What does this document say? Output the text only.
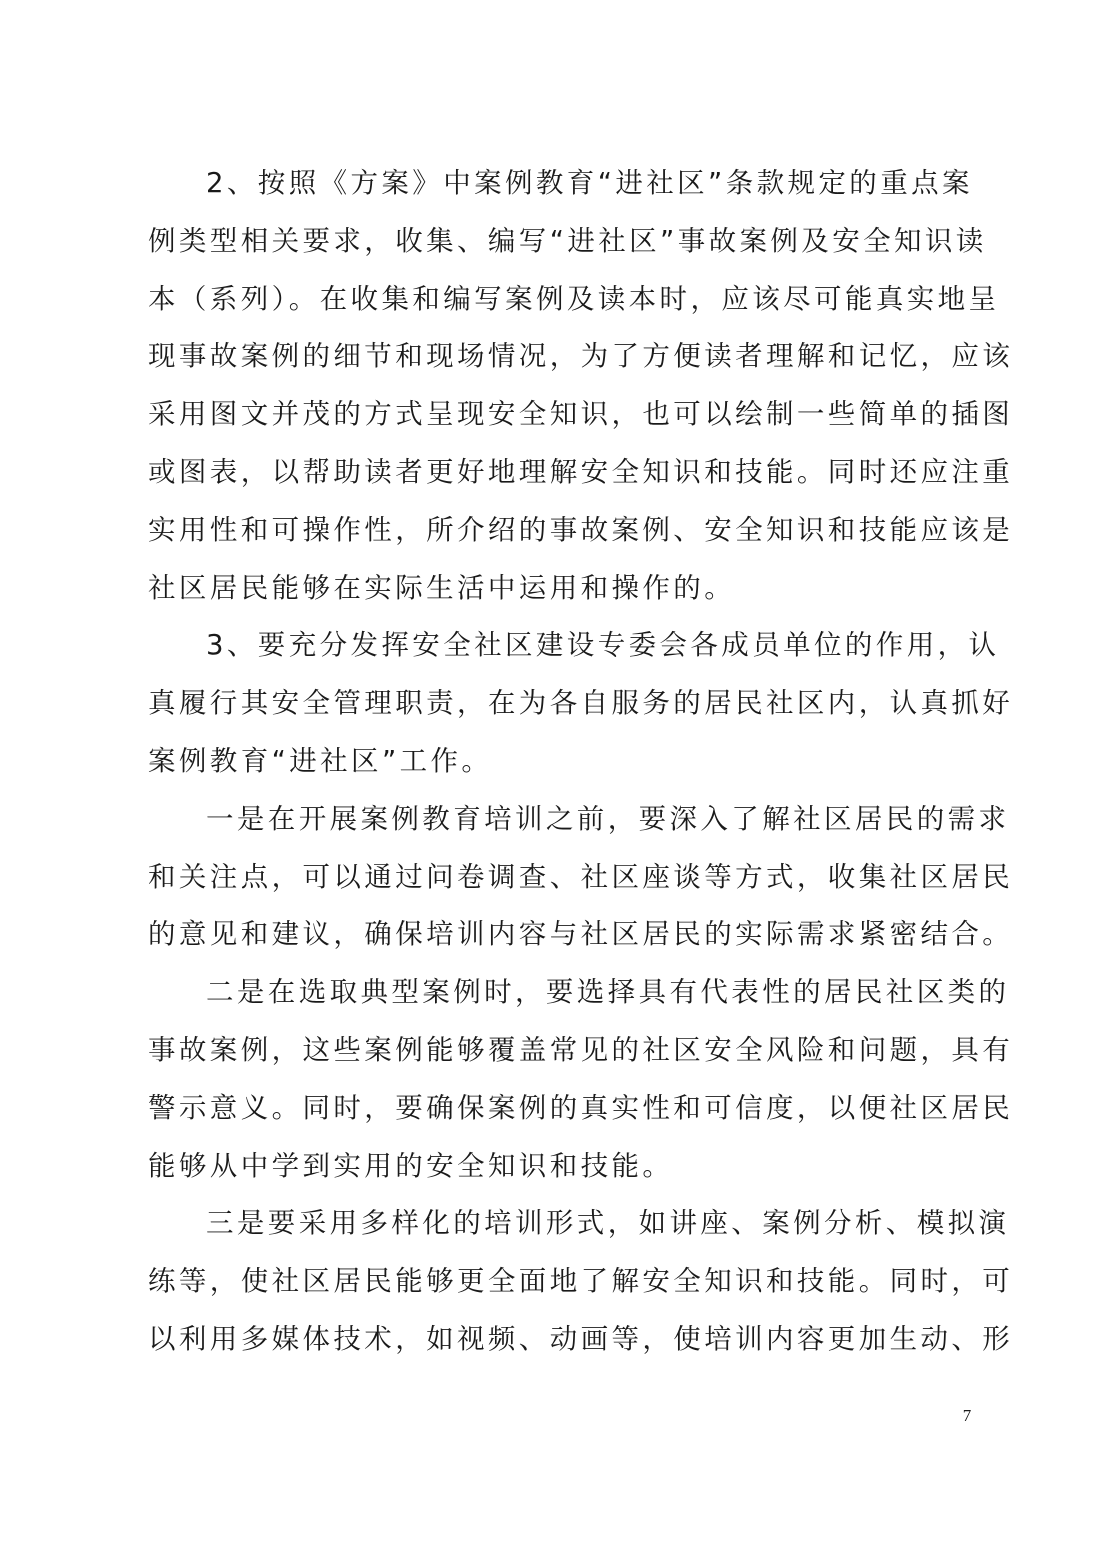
2、按照《方案》中案例教育“进社区”条款规定的重点案
例类型相关要求，收集、编写“进社区”事故案例及安全知识读
本（系列）。在收集和编写案例及读本时，应该尽可能真实地呈
现事故案例的细节和现场情况，为了方便读者理解和记忆，应该
采用图文并茂的方式呈现安全知识，也可以绘制一些简单的插图
或图表，以帮助读者更好地理解安全知识和技能。同时还应注重
实用性和可操作性，所介绍的事故案例、安全知识和技能应该是
社区居民能够在实际生活中运用和操作的。
3、要充分发挥安全社区建设专委会各成员单位的作用，认
真履行其安全管理职责，在为各自服务的居民社区内，认真抓好
案例教育“进社区”工作。
一是在开展案例教育培训之前，要深入了解社区居民的需求
和关注点，可以通过问卷调查、社区座谈等方式，收集社区居民
的意见和建议，确保培训内容与社区居民的实际需求紧密结合。
二是在选取典型案例时，要选择具有代表性的居民社区类的
事故案例，这些案例能够覆盖常见的社区安全风险和问题，具有
警示意义。同时，要确保案例的真实性和可信度，以便社区居民
能够从中学到实用的安全知识和技能。
三是要采用多样化的培训形式，如讲座、案例分析、模拟演
练等，使社区居民能够更全面地了解安全知识和技能。同时，可
以利用多媒体技术，如视频、动画等，使培训内容更加生动、形
7
